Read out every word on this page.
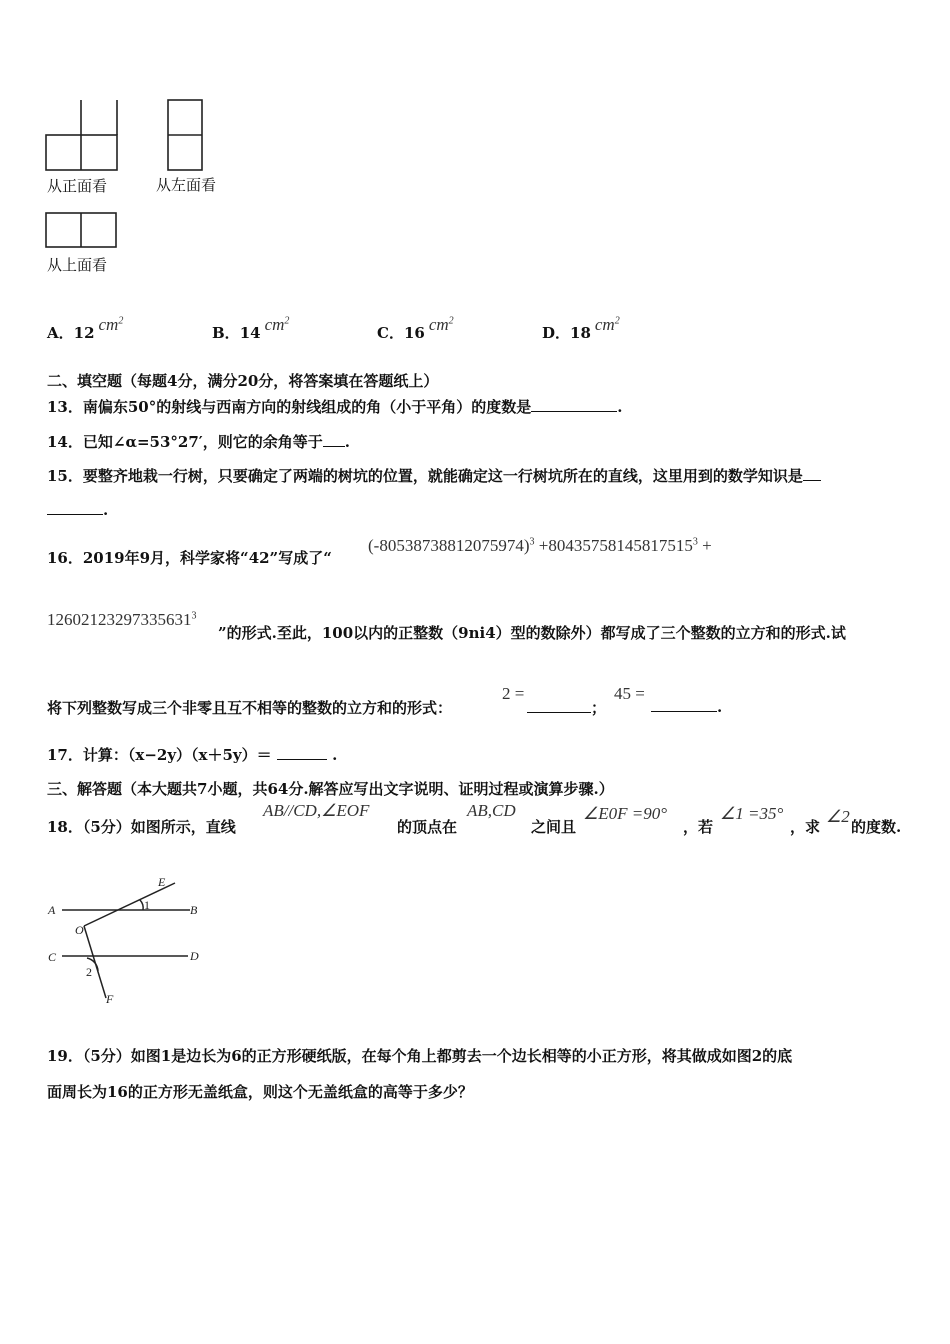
从正面看	从左面看
从上面看
A．12 $cm^2$
B．14 $cm^2$
C．16 $cm^2$
D．18 $cm^2$
二、填空题（每题4分，满分20分，将答案填在答题纸上）
13．南偏东50°的射线与西南方向的射线组成的角（小于平角）的度数是	.
14．已知∠α=53°27′，则它的余角等于 .
15．要整齐地栽一行树，只要确定了两端的树坑的位置，就能确定这一行树坑所在的直线，这里用到的数学知识是
.
16．2019年9月，科学家将“42”写成了“
$(-80538738812075974)^3 +80435758145817515^3$ +
$12602123297335631^3$
”的形式.至此，100以内的正整数（9ni4）型的数除外）都写成了三个整数的立方和的形式.试
将下列整数写成三个非零且互不相等的整数的立方和的形式：
2 =
；
45 =
.
17．计算：（x−2y）（x＋5y）＝	.
三、解答题（本大题共7小题，共64分.解答应写出文字说明、证明过程或演算步骤.）
18．（5分）如图所示，直线
AB//CD,∠EOF
的顶点在
AB,CD
之间且
∠E0F =90°
，若
∠1 =35°
，求
∠2
的度数.
A	B
C	D
E
F
O
1
2
19．（5分）如图1是边长为6的正方形硬纸版，在每个角上都剪去一个边长相等的小正方形，将其做成如图2的底
面周长为16的正方形无盖纸盒，则这个无盖纸盒的高等于多少？
